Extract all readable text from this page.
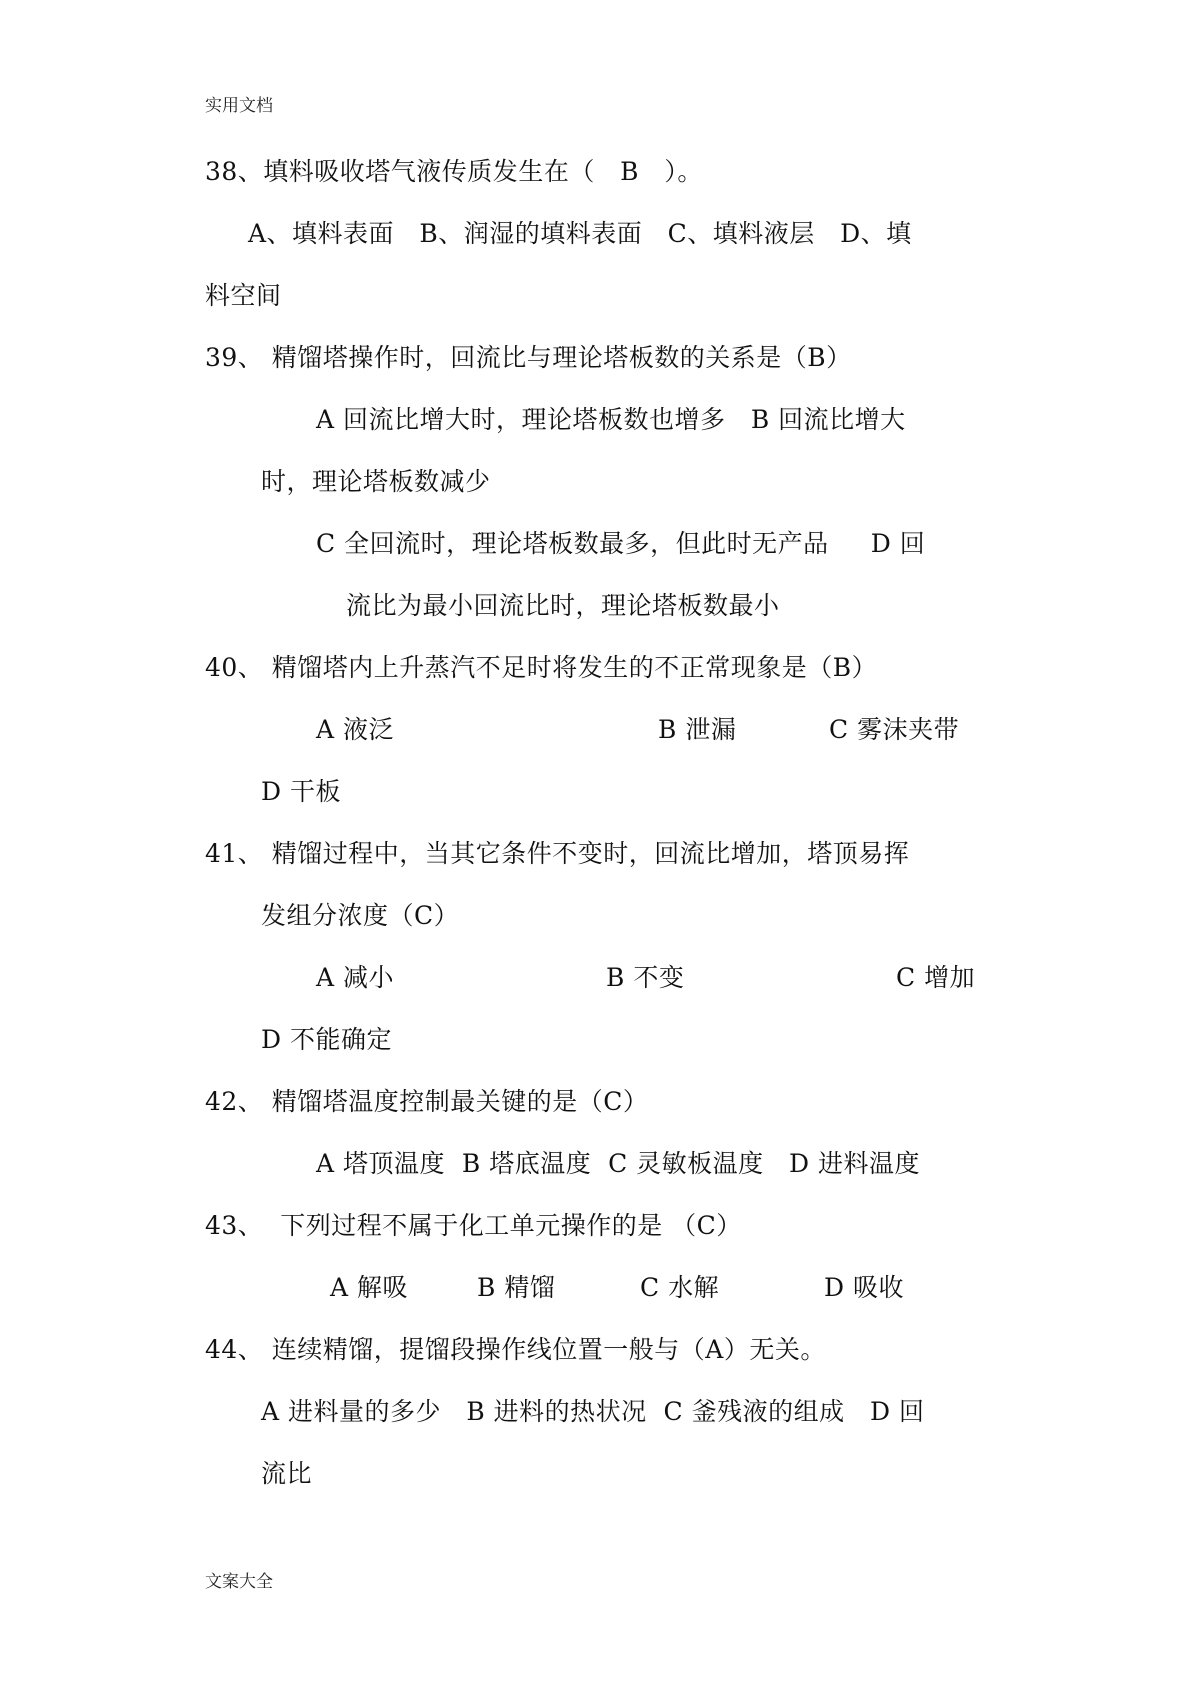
实用文档
38、填料吸收塔气液传质发生在（   B   ）。
A、填料表面   B、润湿的填料表面   C、填料液层   D、填
料空间
39、 精馏塔操作时，回流比与理论塔板数的关系是（B）
A 回流比增大时，理论塔板数也增多   B 回流比增大
时，理论塔板数减少
C 全回流时，理论塔板数最多，但此时无产品     D 回
流比为最小回流比时，理论塔板数最小
40、 精馏塔内上升蒸汽不足时将发生的不正常现象是（B）
A 液泛	B 泄漏	C 雾沫夹带
D 干板
41、 精馏过程中，当其它条件不变时，回流比增加，塔顶易挥
发组分浓度（C）
A 减小	B 不变	C 增加
D 不能确定
42、 精馏塔温度控制最关键的是（C）
A 塔顶温度  B 塔底温度  C 灵敏板温度   D 进料温度
43、  下列过程不属于化工单元操作的是 （C）
A 解吸	B 精馏	C 水解	D 吸收
44、 连续精馏，提馏段操作线位置一般与（A）无关。
A 进料量的多少   B 进料的热状况  C 釜残液的组成   D 回
流比
文案大全
